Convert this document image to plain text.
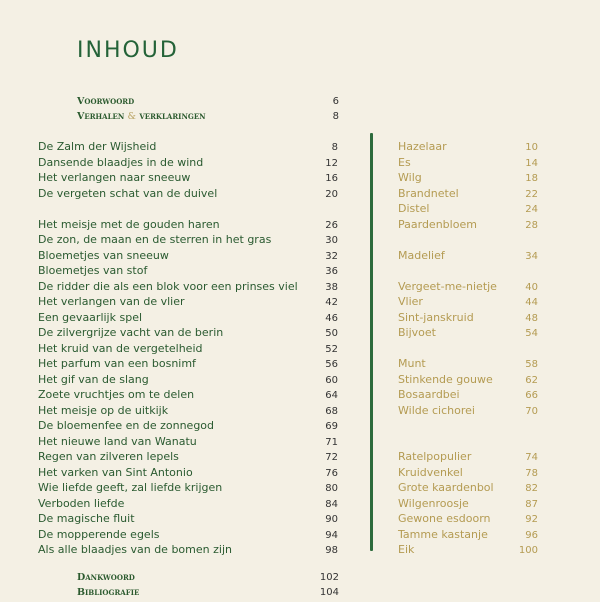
INHOUD
Voorwoord	6
Verhalen & verklaringen	8
De Zalm der Wijsheid	8
Dansende blaadjes in de wind	12
Het verlangen naar sneeuw	16
De vergeten schat van de duivel	20
Het meisje met de gouden haren	26
De zon, de maan en de sterren in het gras	30
Bloemetjes van sneeuw	32
Bloemetjes van stof	36
De ridder die als een blok voor een prinses viel	38
Het verlangen van de vlier	42
Een gevaarlijk spel	46
De zilvergrijze vacht van de berin	50
Het kruid van de vergetelheid	52
Het parfum van een bosnimf	56
Het gif van de slang	60
Zoete vruchtjes om te delen	64
Het meisje op de uitkijk	68
De bloemenfee en de zonnegod	69
Het nieuwe land van Wanatu	71
Regen van zilveren lepels	72
Het varken van Sint Antonio	76
Wie liefde geeft, zal liefde krijgen	80
Verboden liefde	84
De magische fluit	90
De mopperende egels	94
Als alle blaadjes van de bomen zijn	98
Hazelaar	10
Es	14
Wilg	18
Brandnetel	22
Distel	24
Paardenbloem	28
Madelief	34
Vergeet-me-nietje	40
Vlier	44
Sint-janskruid	48
Bijvoet	54
Munt	58
Stinkende gouwe	62
Bosaardbei	66
Wilde cichorei	70
Ratelpopulier	74
Kruidvenkel	78
Grote kaardenbol	82
Wilgenroosje	87
Gewone esdoorn	92
Tamme kastanje	96
Eik	100
Dankwoord	102
Bibliografie	104
